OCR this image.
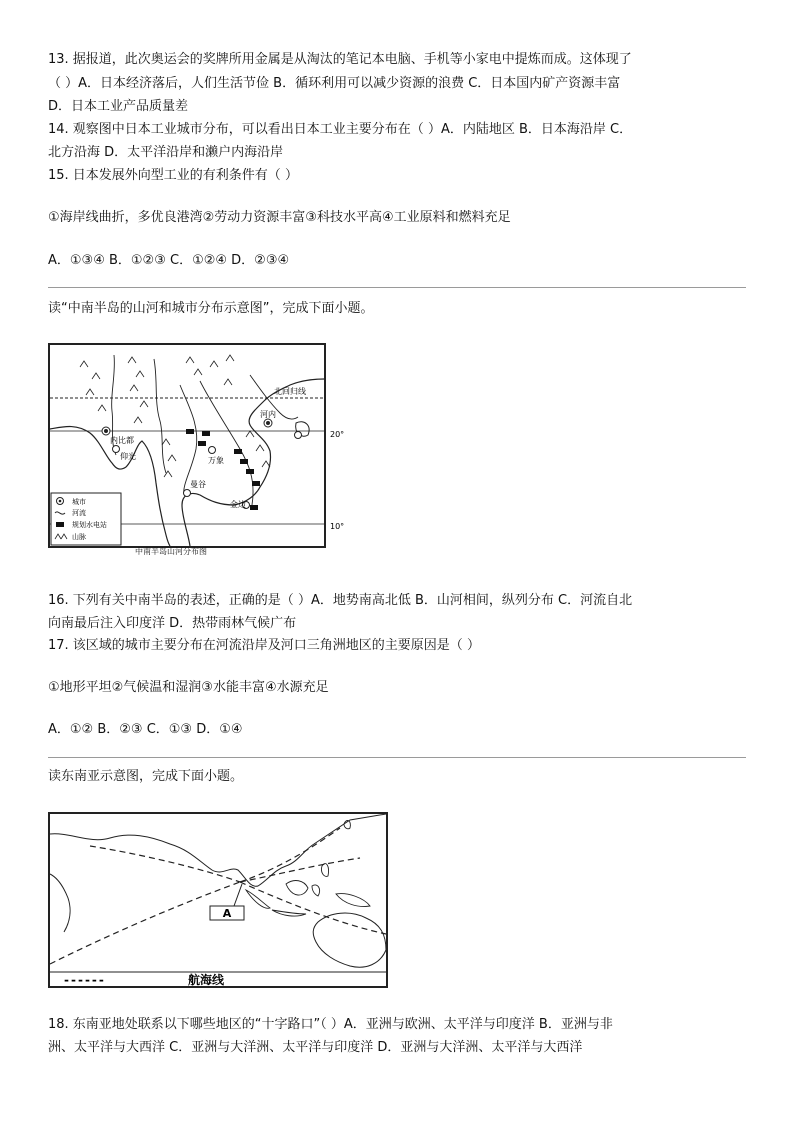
13. 据报道，此次奥运会的奖牌所用金属是从淘汰的笔记本电脑、手机等小家电中提炼而成。这体现了
（ ）A．日本经济落后，人们生活节俭 B．循环利用可以减少资源的浪费 C．日本国内矿产资源丰富
D．日本工业产品质量差
14. 观察图中日本工业城市分布，可以看出日本工业主要分布在（ ）A．内陆地区 B．日本海沿岸 C．
北方沿海 D．太平洋沿岸和濑户内海沿岸
15. 日本发展外向型工业的有利条件有（ ）
①海岸线曲折，多优良港湾②劳动力资源丰富③科技水平高④工业原料和燃料充足
A．①③④ B．①②③ C．①②④ D．②③④
读“中南半岛的山河和城市分布示意图”，完成下面小题。
北回归线
20°
10°
河内
内比都
仰光	万象
曼谷
金边
城市
河流
规划水电站
山脉
中南半岛山河分布图
16. 下列有关中南半岛的表述，正确的是（ ）A．地势南高北低 B．山河相间，纵列分布 C．河流自北
向南最后注入印度洋 D．热带雨林气候广布
17. 该区域的城市主要分布在河流沿岸及河口三角洲地区的主要原因是（ ）
①地形平坦②气候温和湿润③水能丰富④水源充足
A．①② B．②③ C．①③ D．①④
读东南亚示意图，完成下面小题。
A
------	航海线
18. 东南亚地处联系以下哪些地区的“十字路口”（ ）A．亚洲与欧洲、太平洋与印度洋 B．亚洲与非
洲、太平洋与大西洋 C．亚洲与大洋洲、太平洋与印度洋 D．亚洲与大洋洲、太平洋与大西洋
